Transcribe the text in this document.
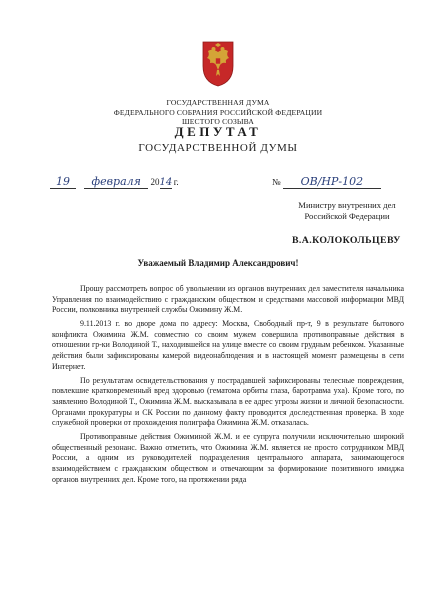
ГОСУДАРСТВЕННАЯ ДУМА
ФЕДЕРАЛЬНОГО СОБРАНИЯ РОССИЙСКОЙ ФЕДЕРАЦИИ
ШЕСТОГО СОЗЫВА
ДЕПУТАТ
ГОСУДАРСТВЕННОЙ ДУМЫ
19 февраля 2014 г.	№ ОВ/НР-102
Министру внутренних дел
Российской Федерации
В.А.КОЛОКОЛЬЦЕВУ
Уважаемый Владимир Александрович!

Прошу рассмотреть вопрос об увольнении из органов внутренних дел заместителя начальника Управления по взаимодействию с гражданским обществом и средствами массовой информации МВД России, полковника внутренней службы Ожимину Ж.М.

9.11.2013 г. во дворе дома по адресу: Москва, Свободный пр-т, 9 в результате бытового конфликта Ожимина Ж.М. совместно со своим мужем совершила противоправные действия в отношении гр-ки Володиной Т., находившейся на улице вместе со своим грудным ребенком. Указанные действия были зафиксированы камерой видеонаблюдения и в настоящей момент размещены в сети Интернет.

По результатам освидетельствования у пострадавшей зафиксированы телесные повреждения, повлекшие кратковременный вред здоровью (гематома орбиты глаза, баротравма уха). Кроме того, по заявлению Володиной Т., Ожимина Ж.М. высказывала в ее адрес угрозы жизни и личной безопасности. Органами прокуратуры и СК России по данному факту проводится доследственная проверка. В ходе служебной проверки от прохождения полиграфа Ожимина Ж.М. отказалась.

Противоправные действия Ожиминой Ж.М. и ее супруга получили исключительно широкий общественный резонанс. Важно отметить, что Ожимина Ж.М. является не просто сотрудником МВД России, а одним из руководителей подразделения центрального аппарата, занимающегося взаимодействием с гражданским обществом и отвечающим за формирование позитивного имиджа органов внутренних дел. Кроме того, на протяжении ряда
